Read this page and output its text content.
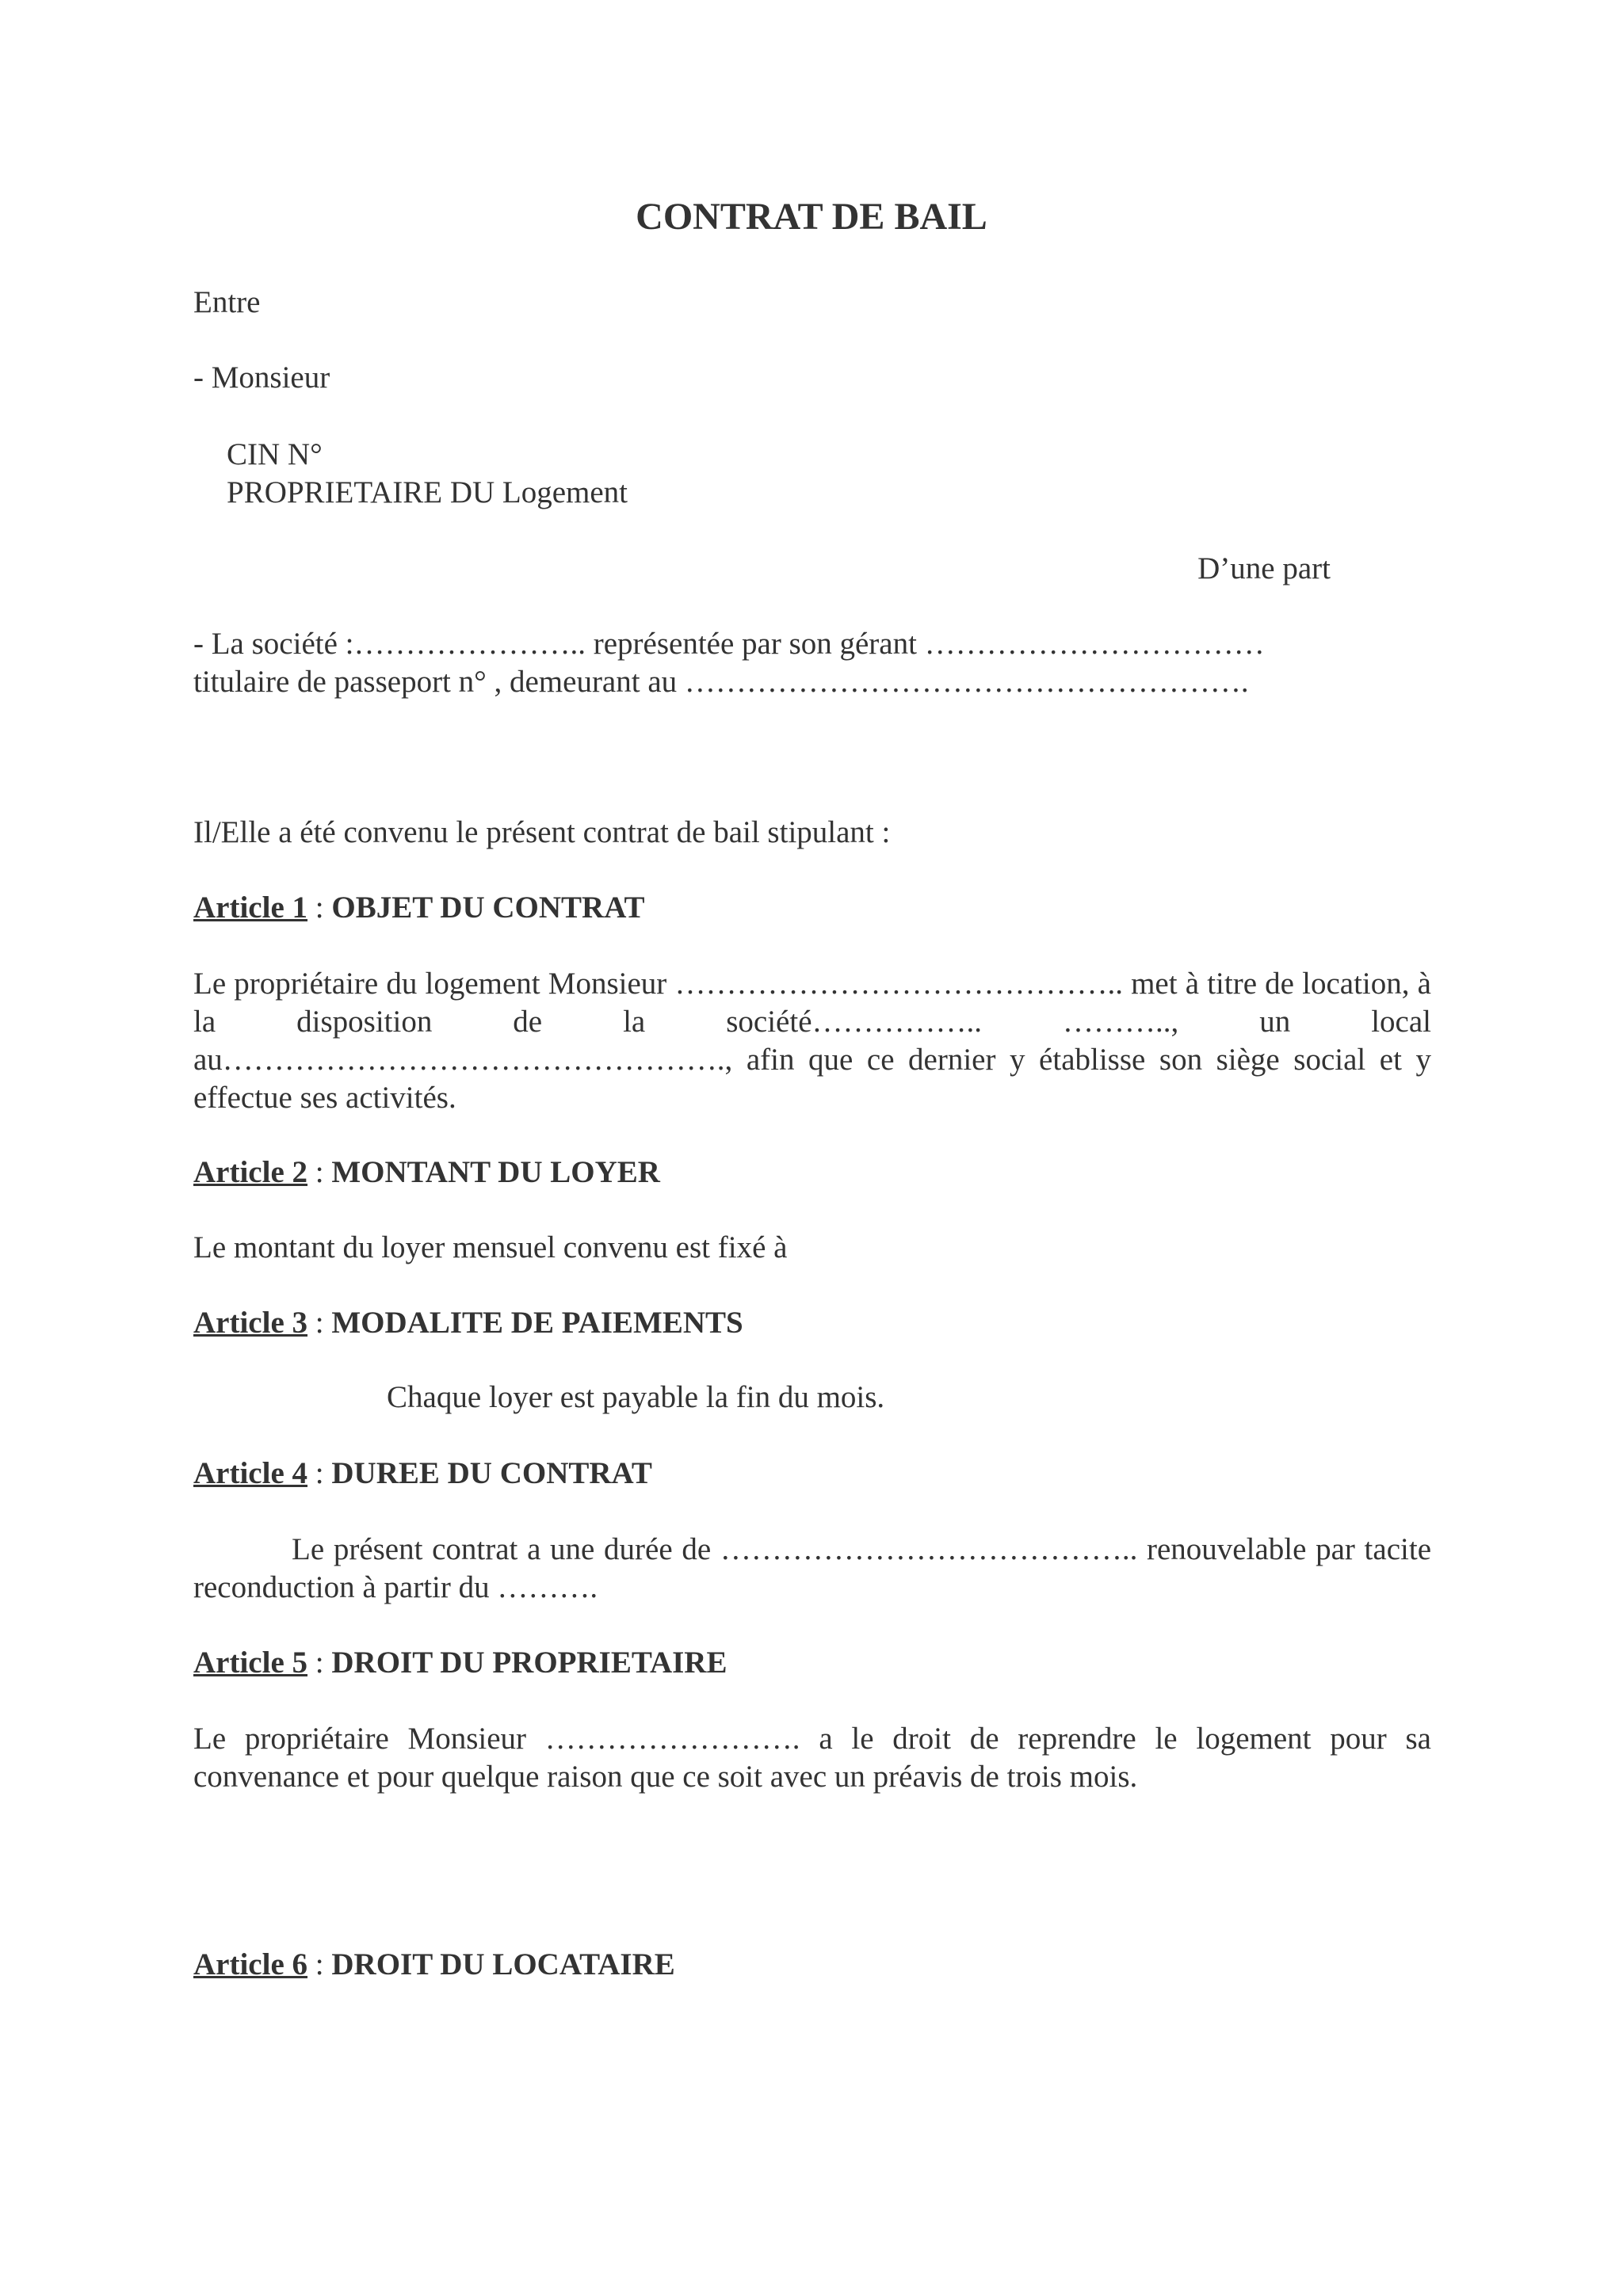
CONTRAT DE BAIL
Entre
- Monsieur
CIN N°
PROPRIETAIRE DU Logement
D’une part
- La société :………………….. représentée par son gérant ……………………………
titulaire de passeport n° , demeurant au ……………………………………………….
Il/Elle a été convenu le présent contrat de bail stipulant :
Article 1 : OBJET DU CONTRAT
Le propriétaire du logement Monsieur …………………………………….. met à titre de location, à la disposition de la société…………….. ……….., un local au…………………………………………., afin que ce dernier y établisse son siège social et y effectue ses activités.
Article 2 : MONTANT DU LOYER
Le montant du loyer mensuel convenu est fixé à
Article 3 : MODALITE DE PAIEMENTS
Chaque loyer est payable la fin du mois.
Article 4 : DUREE DU CONTRAT
Le présent contrat a une durée de ………………………………….. renouvelable par tacite reconduction à partir du ……….
Article 5 : DROIT DU PROPRIETAIRE
Le propriétaire Monsieur ……………………. a le droit de reprendre le logement pour sa convenance et pour quelque raison que ce soit avec un préavis de trois mois.
Article 6 : DROIT DU LOCATAIRE
